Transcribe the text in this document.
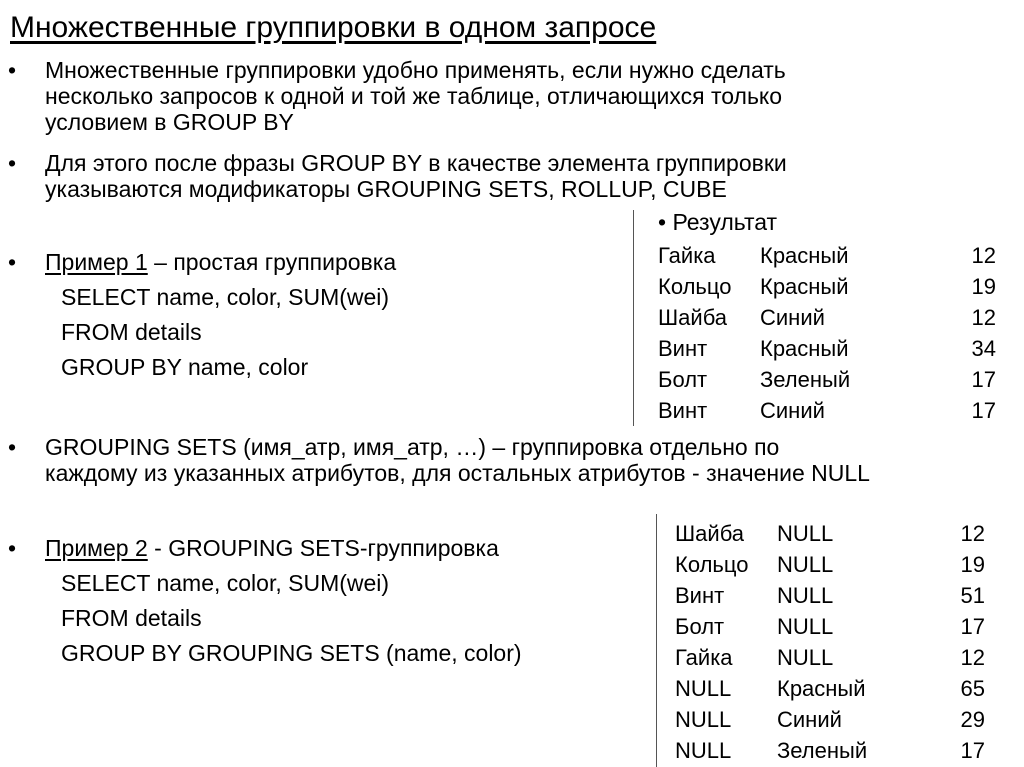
Множественные группировки в одном запросе
• Множественные группировки удобно применять, если нужно сделать
несколько запросов к одной и той же таблице, отличающихся только
условием в GROUP BY
• Для этого после фразы GROUP BY в качестве элемента группировки
указываются модификаторы GROUPING SETS, ROLLUP, CUBE
• Пример 1 – простая группировка
SELECT name, color, SUM(wei)
FROM details
GROUP BY name, color
• Результат
Гайка	Красный	12
Кольцо	Красный	19
Шайба	Синий	12
Винт	Красный	34
Болт	Зеленый	17
Винт	Синий	17
• GROUPING SETS (имя_атр, имя_атр, …) – группировка отдельно по
каждому из указанных атрибутов, для остальных атрибутов - значение NULL
• Пример 2 - GROUPING SETS-группировка
SELECT name, color, SUM(wei)
FROM details
GROUP BY GROUPING SETS (name, color)
Шайба	NULL	12
Кольцо	NULL	19
Винт	NULL	51
Болт	NULL	17
Гайка	NULL	12
NULL	Красный	65
NULL	Синий	29
NULL	Зеленый	17
